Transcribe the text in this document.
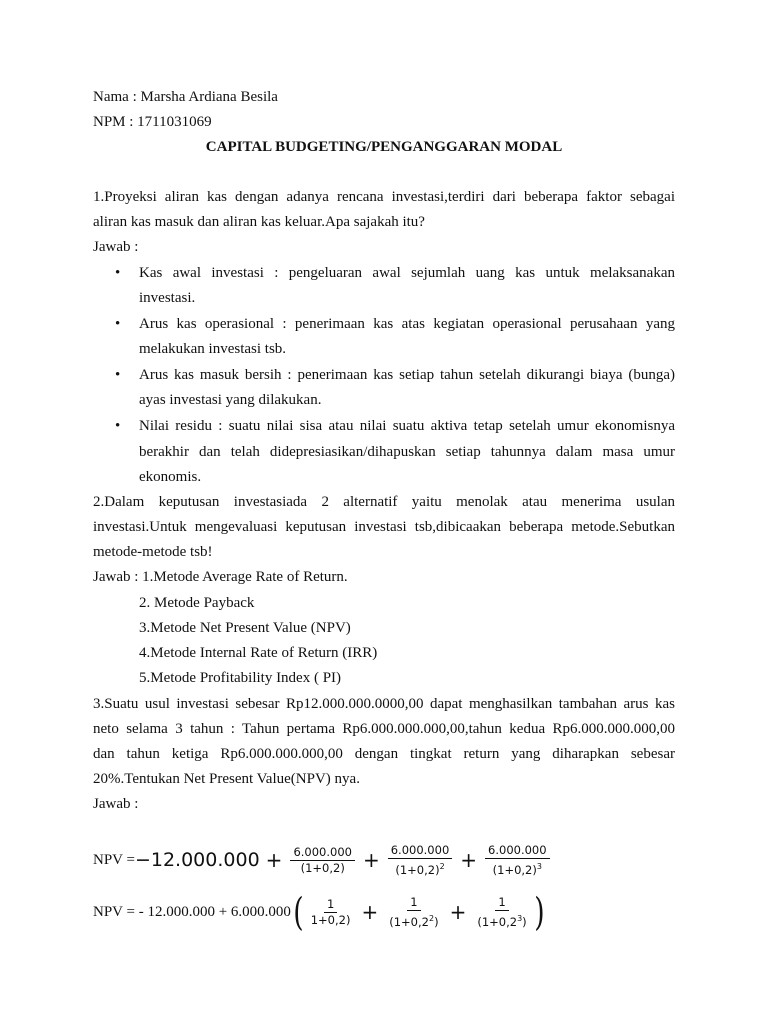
Nama : Marsha Ardiana Besila

NPM : 1711031069

CAPITAL BUDGETING/PENGANGGARAN MODAL

1.Proyeksi aliran kas dengan adanya rencana investasi,terdiri dari beberapa faktor sebagai

aliran kas masuk dan aliran kas keluar.Apa sajakah itu?

Jawab :

•	Kas awal investasi : pengeluaran awal sejumlah uang kas untuk melaksanakan

investasi.

•	Arus kas operasional : penerimaan kas atas kegiatan operasional perusahaan yang

melakukan investasi tsb.

•	Arus kas masuk bersih : penerimaan kas setiap tahun setelah dikurangi biaya (bunga)

ayas investasi yang dilakukan.

•	Nilai residu : suatu nilai sisa atau nilai suatu aktiva tetap setelah umur ekonomisnya

berakhir dan telah didepresiasikan/dihapuskan setiap tahunnya dalam masa umur

ekonomis.

2.Dalam keputusan investasiada 2 alternatif yaitu menolak atau menerima usulan

investasi.Untuk mengevaluasi keputusan investasi tsb,dibicaakan beberapa metode.Sebutkan

metode-metode tsb!

Jawab : 1.Metode Average Rate of Return.

2. Metode Payback

3.Metode Net Present Value (NPV)

4.Metode Internal Rate of Return (IRR)

5.Metode Profitability Index ( PI)

3.Suatu usul investasi sebesar Rp12.000.000.0000,00 dapat menghasilkan tambahan arus kas

neto selama 3 tahun : Tahun pertama Rp6.000.000.000,00,tahun kedua Rp6.000.000.000,00

dan tahun ketiga Rp6.000.000.000,00 dengan tingkat return yang diharapkan sebesar

20%.Tentukan Net Present Value(NPV) nya.

Jawab :

NPV = $-12.000.000 + \frac{6.000.000}{(1+0,2)} + \frac{6.000.000}{(1+0,2)^2} + \frac{6.000.000}{(1+0,2)^3}$
NPV = - 12.000.000 + 6.000.000 ( $\frac{1}{1+0,2)} + \frac{1}{(1+0,2^2)} + \frac{1}{(1+0,2^3)}$ )
